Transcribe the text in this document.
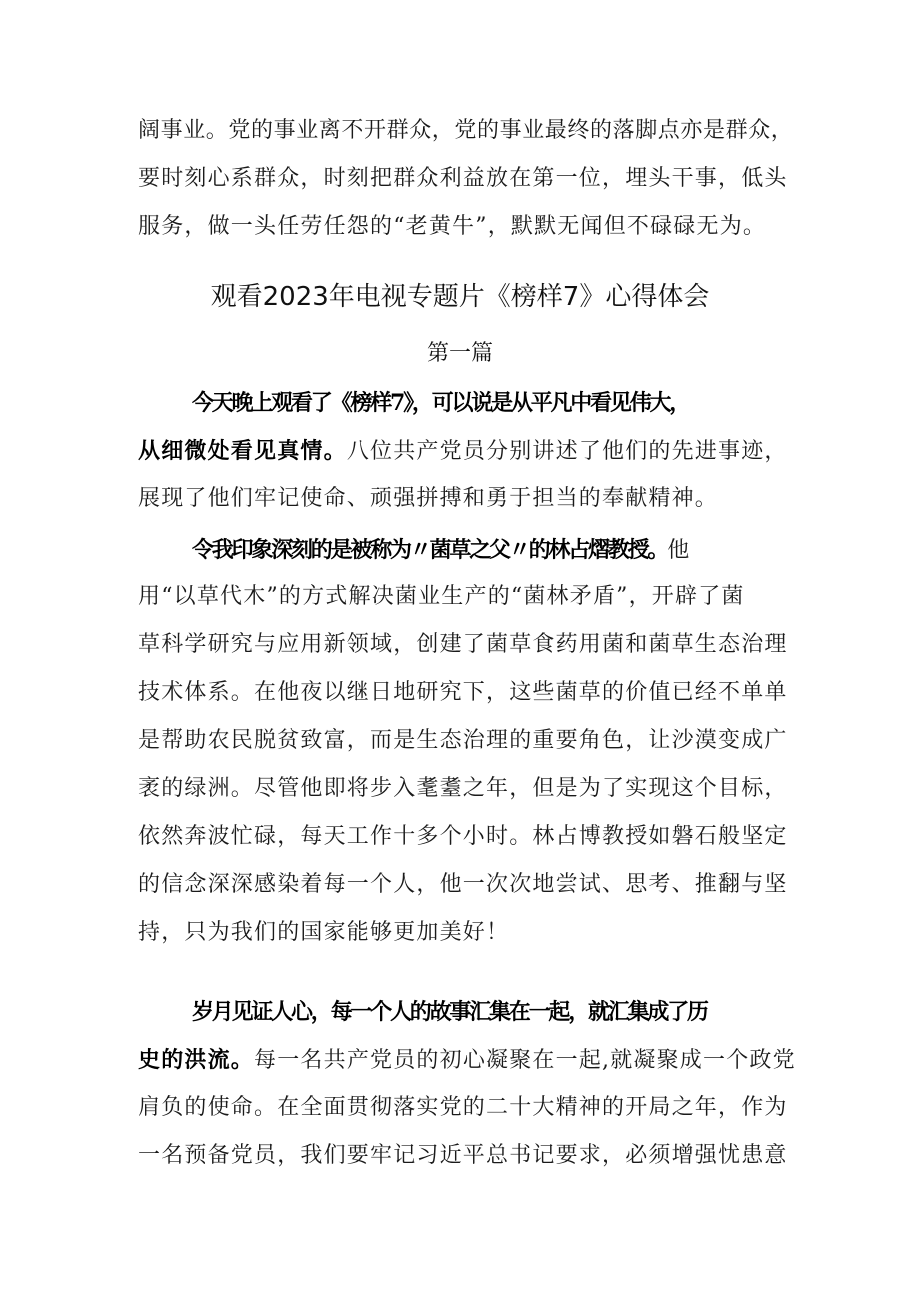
阔事业。党的事业离不开群众，党的事业最终的落脚点亦是群众，
要时刻心系群众，时刻把群众利益放在第一位，埋头干事，低头
服务，做一头任劳任怨的“老黄牛”，默默无闻但不碌碌无为。
观看2023年电视专题片《榜样7》心得体会
第一篇
今天晚上观看了《榜样7》，可以说是从平凡中看见伟大，
从细微处看见真情。八位共产党员分别讲述了他们的先进事迹，
展现了他们牢记使命、顽强拼搏和勇于担当的奉献精神。
令我印象深刻的是被称为〃菌草之父〃的林占熠教授。他
用“以草代木”的方式解决菌业生产的“菌林矛盾”，开辟了菌
草科学研究与应用新领域，创建了菌草食药用菌和菌草生态治理
技术体系。在他夜以继日地研究下，这些菌草的价值已经不单单
是帮助农民脱贫致富，而是生态治理的重要角色，让沙漠变成广
袤的绿洲。尽管他即将步入耄耋之年，但是为了实现这个目标，
依然奔波忙碌，每天工作十多个小时。林占博教授如磐石般坚定
的信念深深感染着每一个人，他一次次地尝试、思考、推翻与坚
持，只为我们的国家能够更加美好！
岁月见证人心，每一个人的故事汇集在一起，就汇集成了历
史的洪流。每一名共产党员的初心凝聚在一起,就凝聚成一个政党
肩负的使命。在全面贯彻落实党的二十大精神的开局之年，作为
一名预备党员，我们要牢记习近平总书记要求，必须增强忧患意
